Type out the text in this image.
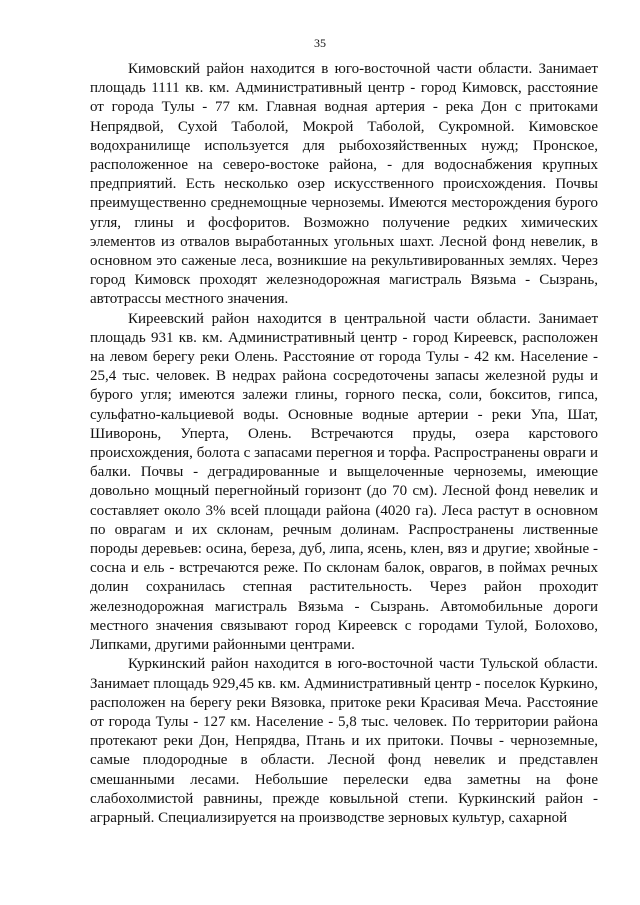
35

Кимовский район находится в юго-восточной части области. Занимает площадь 1111 кв. км. Административный центр - город Кимовск, расстояние от города Тулы - 77 км. Главная водная артерия - река Дон с притоками Непрядвой, Сухой Таболой, Мокрой Таболой, Сукромной. Кимовское водохранилище используется для рыбохозяйственных нужд; Пронское, расположенное на северо-востоке района, - для водоснабжения крупных предприятий. Есть несколько озер искусственного происхождения. Почвы преимущественно среднемощные черноземы. Имеются месторождения бурого угля, глины и фосфоритов. Возможно получение редких химических элементов из отвалов выработанных угольных шахт. Лесной фонд невелик, в основном это саженые леса, возникшие на рекультивированных землях. Через город Кимовск проходят железнодорожная магистраль Вязьма - Сызрань, автотрассы местного значения.

Киреевский район находится в центральной части области. Занимает площадь 931 кв. км. Административный центр - город Киреевск, расположен на левом берегу реки Олень. Расстояние от города Тулы - 42 км. Население - 25,4 тыс. человек. В недрах района сосредоточены запасы железной руды и бурого угля; имеются залежи глины, горного песка, соли, бокситов, гипса, сульфатно-кальциевой воды. Основные водные артерии - реки Упа, Шат, Шиворонь, Уперта, Олень. Встречаются пруды, озера карстового происхождения, болота с запасами перегноя и торфа. Распространены овраги и балки. Почвы - деградированные и выщелоченные черноземы, имеющие довольно мощный перегнойный горизонт (до 70 см). Лесной фонд невелик и составляет около 3% всей площади района (4020 га). Леса растут в основном по оврагам и их склонам, речным долинам. Распространены лиственные породы деревьев: осина, береза, дуб, липа, ясень, клен, вяз и другие; хвойные - сосна и ель - встречаются реже. По склонам балок, оврагов, в поймах речных долин сохранилась степная растительность. Через район проходит железнодорожная магистраль Вязьма - Сызрань. Автомобильные дороги местного значения связывают город Киреевск с городами Тулой, Болохово, Липками, другими районными центрами.

Куркинский район находится в юго-восточной части Тульской области. Занимает площадь 929,45 кв. км. Административный центр - поселок Куркино, расположен на берегу реки Вязовка, притоке реки Красивая Меча. Расстояние от города Тулы - 127 км. Население - 5,8 тыс. человек. По территории района протекают реки Дон, Непрядва, Птань и их притоки. Почвы - черноземные, самые плодородные в области. Лесной фонд невелик и представлен смешанными лесами. Небольшие перелески едва заметны на фоне слабохолмистой равнины, прежде ковыльной степи. Куркинский район - аграрный. Специализируется на производстве зерновых культур, сахарной
